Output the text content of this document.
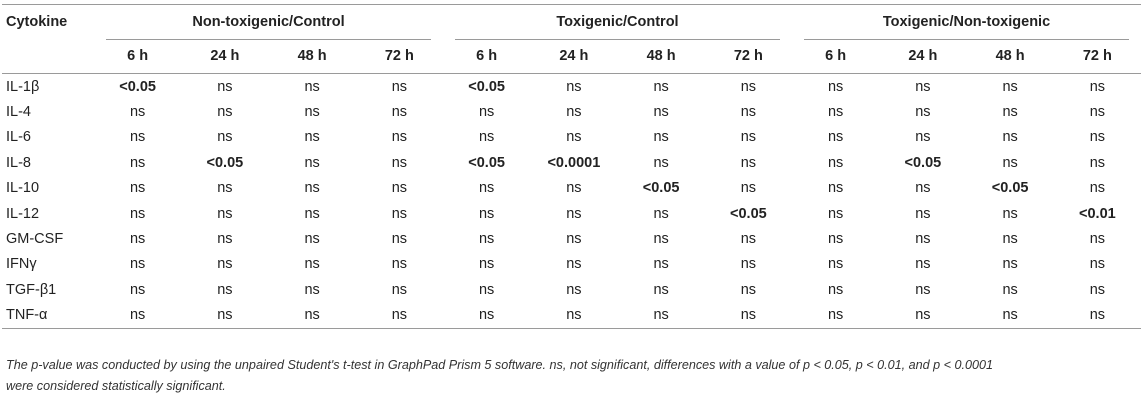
Cytokine	Non-toxigenic/Control				Toxigenic/Control				Toxigenic/Non-toxigenic			
	6 h	24 h	48 h	72 h	6 h	24 h	48 h	72 h	6 h	24 h	48 h	72 h
IL-1β	<0.05	ns	ns	ns	<0.05	ns	ns	ns	ns	ns	ns	ns
IL-4	ns	ns	ns	ns	ns	ns	ns	ns	ns	ns	ns	ns
IL-6	ns	ns	ns	ns	ns	ns	ns	ns	ns	ns	ns	ns
IL-8	ns	<0.05	ns	ns	<0.05	<0.0001	ns	ns	ns	<0.05	ns	ns
IL-10	ns	ns	ns	ns	ns	ns	<0.05	ns	ns	ns	<0.05	ns
IL-12	ns	ns	ns	ns	ns	ns	ns	<0.05	ns	ns	ns	<0.01
GM-CSF	ns	ns	ns	ns	ns	ns	ns	ns	ns	ns	ns	ns
IFNγ	ns	ns	ns	ns	ns	ns	ns	ns	ns	ns	ns	ns
TGF-β1	ns	ns	ns	ns	ns	ns	ns	ns	ns	ns	ns	ns
TNF-α	ns	ns	ns	ns	ns	ns	ns	ns	ns	ns	ns	ns
The p-value was conducted by using the unpaired Student's t-test in GraphPad Prism 5 software. ns, not significant, differences with a value of p < 0.05, p < 0.01, and p < 0.0001
were considered statistically significant.
